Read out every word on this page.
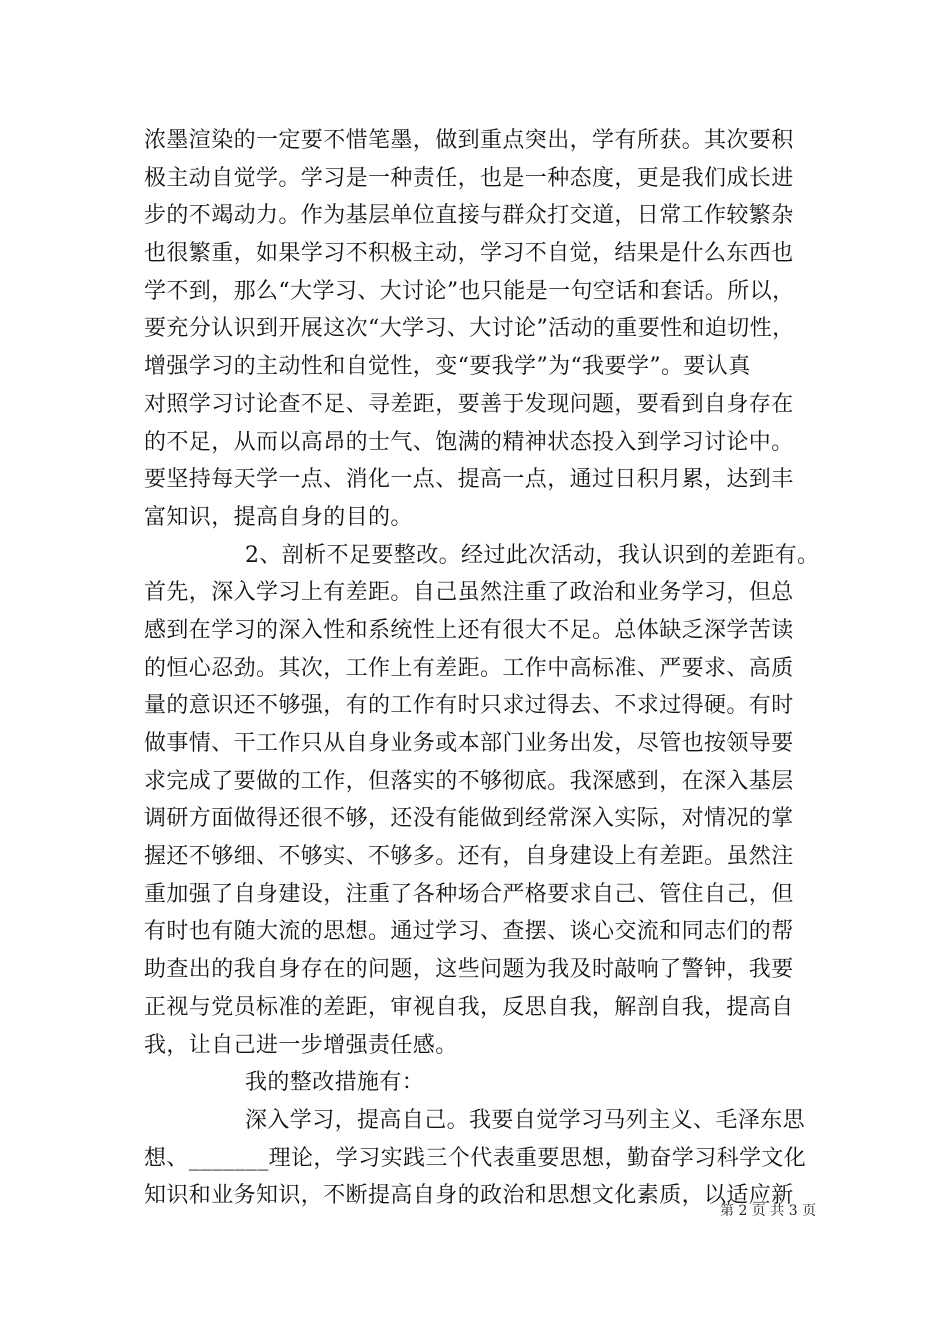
浓墨渲染的一定要不惜笔墨，做到重点突出，学有所获。其次要积
极主动自觉学。学习是一种责任，也是一种态度，更是我们成长进
步的不竭动力。作为基层单位直接与群众打交道，日常工作较繁杂
也很繁重，如果学习不积极主动，学习不自觉，结果是什么东西也
学不到，那么“大学习、大讨论”也只能是一句空话和套话。所以，
要充分认识到开展这次“大学习、大讨论”活动的重要性和迫切性，
增强学习的主动性和自觉性，变“要我学”为“我要学”。要认真
对照学习讨论查不足、寻差距，要善于发现问题，要看到自身存在
的不足，从而以高昂的士气、饱满的精神状态投入到学习讨论中。
要坚持每天学一点、消化一点、提高一点，通过日积月累，达到丰
富知识，提高自身的目的。
2、剖析不足要整改。经过此次活动，我认识到的差距有。
首先，深入学习上有差距。自己虽然注重了政治和业务学习，但总
感到在学习的深入性和系统性上还有很大不足。总体缺乏深学苦读
的恒心忍劲。其次，工作上有差距。工作中高标准、严要求、高质
量的意识还不够强，有的工作有时只求过得去、不求过得硬。有时
做事情、干工作只从自身业务或本部门业务出发，尽管也按领导要
求完成了要做的工作，但落实的不够彻底。我深感到，在深入基层
调研方面做得还很不够，还没有能做到经常深入实际，对情况的掌
握还不够细、不够实、不够多。还有，自身建设上有差距。虽然注
重加强了自身建设，注重了各种场合严格要求自己、管住自己，但
有时也有随大流的思想。通过学习、查摆、谈心交流和同志们的帮
助查出的我自身存在的问题，这些问题为我及时敲响了警钟，我要
正视与党员标准的差距，审视自我，反思自我，解剖自我，提高自
我，让自己进一步增强责任感。
我的整改措施有：
深入学习，提高自己。我要自觉学习马列主义、毛泽东思
想、_______理论，学习实践三个代表重要思想，勤奋学习科学文化
知识和业务知识，不断提高自身的政治和思想文化素质，以适应新
第 2 页 共 3 页
